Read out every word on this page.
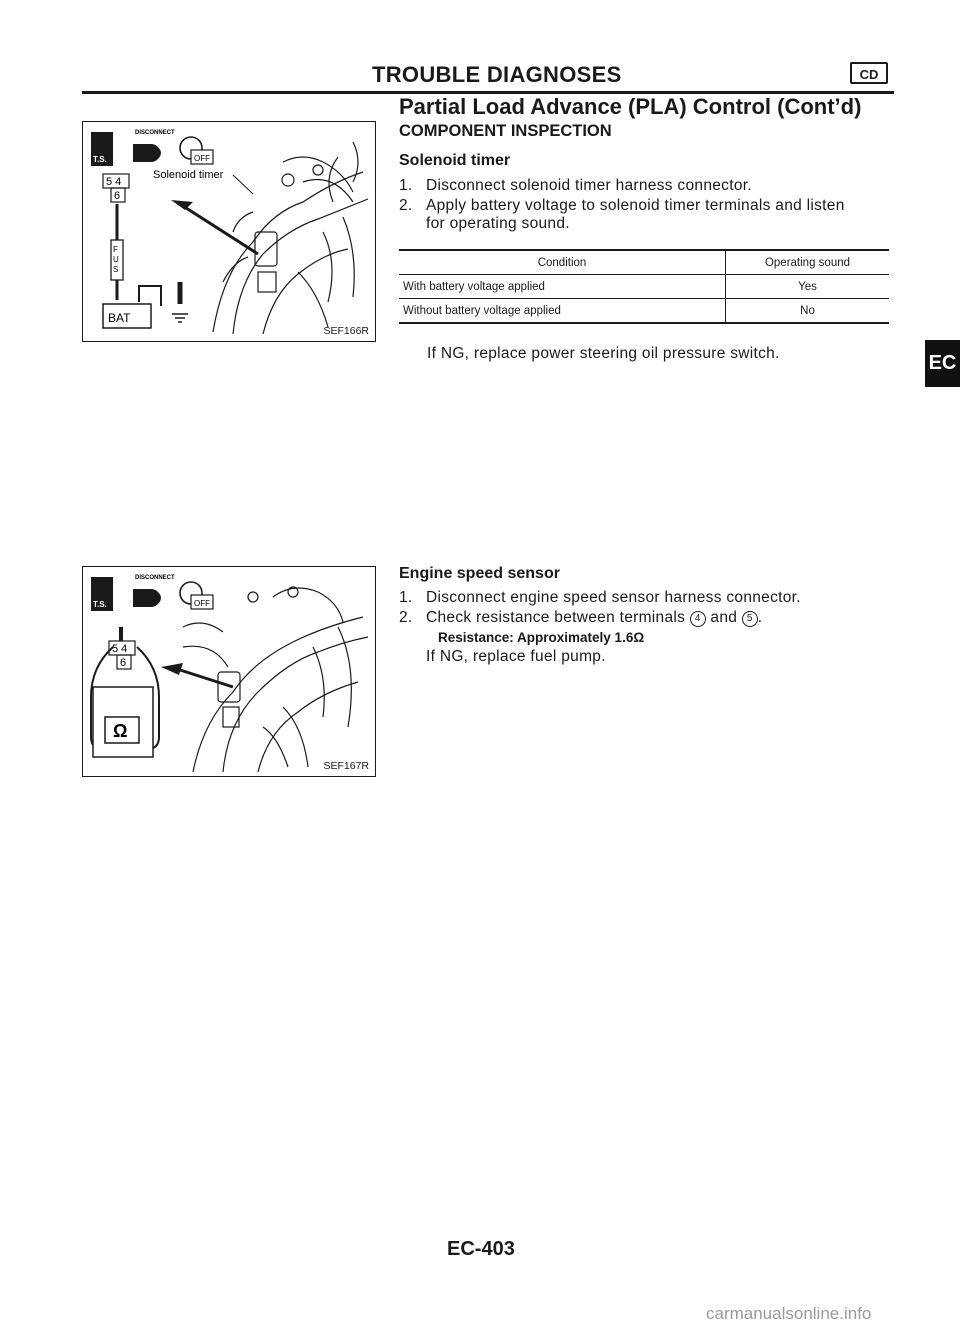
TROUBLE DIAGNOSES	CD
Partial Load Advance (PLA) Control (Cont’d)
COMPONENT INSPECTION
T.S.
DISCONNECT
OFF
5 4
6
F
U
S
BAT
Solenoid timer
SEF166R
Solenoid timer
1. Disconnect solenoid timer harness connector.
2. Apply battery voltage to solenoid timer terminals and listen
for operating sound.
Condition	Operating sound
With battery voltage applied	Yes
Without battery voltage applied	No
If NG, replace power steering oil pressure switch.	EC
T.S.
DISCONNECT
OFF
5 4
6
Ω
SEF167R
Engine speed sensor
1. Disconnect engine speed sensor harness connector.
2. Check resistance between terminals 4 and 5 .
Resistance: Approximately 1.6Ω
If NG, replace fuel pump.
EC-403
carmanualsonline.info
